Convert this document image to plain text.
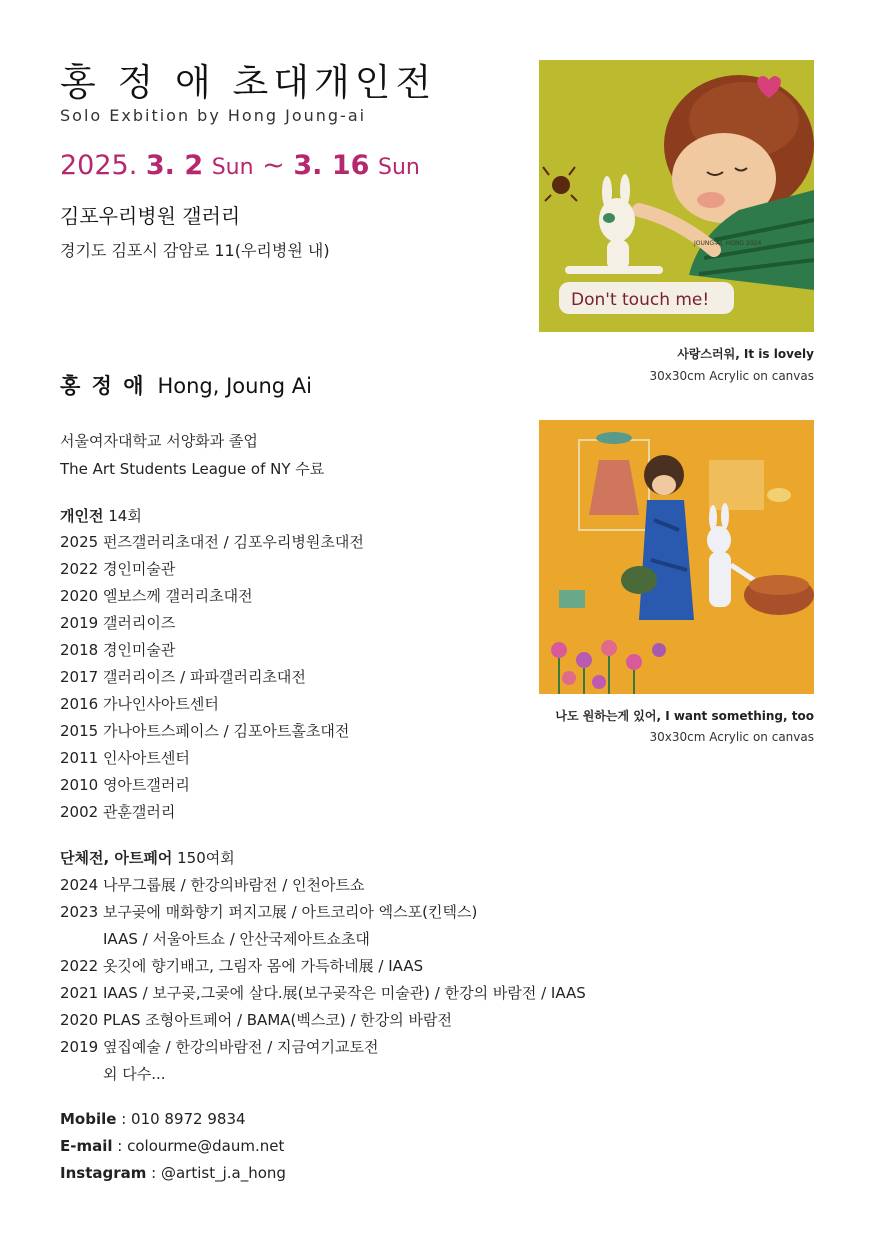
홍 정 애 초대개인전
Solo Exbition by Hong Joung-ai
2025. 3. 2 Sun ~ 3. 16 Sun
김포우리병원 갤러리
경기도 김포시 감암로 11(우리병원 내)
Don't touch me!
JOUNG-AI, HONG 2024
사랑스러워, It is lovely
30x30cm Acrylic on canvas
나도 원하는게 있어, I want something, too
30x30cm Acrylic on canvas
홍 정 애 Hong, Joung Ai
서울여자대학교 서양화과 졸업
The Art Students League of NY 수료
개인전 14회
2025 펀즈갤러리초대전 / 김포우리병원초대전
2022 경인미술관
2020 엘보스께 갤러리초대전
2019 갤러리이즈
2018 경인미술관
2017 갤러리이즈 / 파파갤러리초대전
2016 가나인사아트센터
2015 가나아트스페이스 / 김포아트홀초대전
2011 인사아트센터
2010 영아트갤러리
2002 관훈갤러리
단체전, 아트페어 150여회
2024 나무그룹展 / 한강의바람전 / 인천아트쇼
2023 보구곶에 매화향기 퍼지고展 / 아트코리아 엑스포(킨텍스)
IAAS / 서울아트쇼 / 안산국제아트쇼초대
2022 옷깃에 향기배고, 그림자 몸에 가득하네展 / IAAS
2021 IAAS / 보구곶,그곶에 살다.展(보구곶작은 미술관) / 한강의 바람전 / IAAS
2020 PLAS 조형아트페어 / BAMA(벡스코) / 한강의 바람전
2019 옆집예술 / 한강의바람전 / 지금여기교토전
외 다수...
Mobile : 010 8972 9834
E-mail : colourme@daum.net
Instagram : @artist_j.a_hong
